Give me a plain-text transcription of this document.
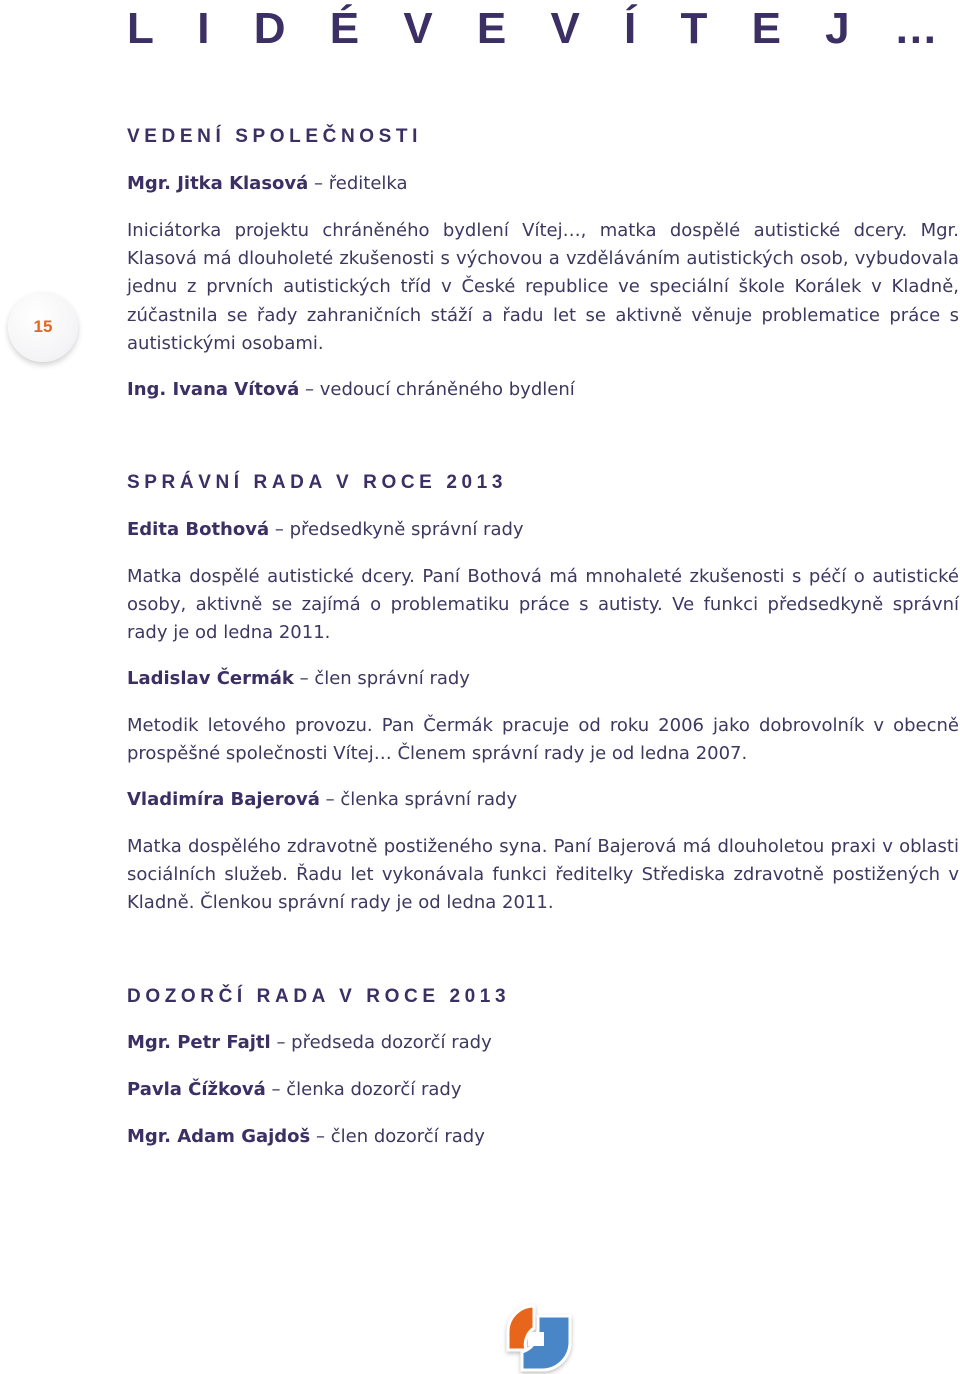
L I D É V E V Í T E J …
15
VEDENÍ SPOLEČNOSTI

Mgr. Jitka Klasová – ředitelka

Iniciátorka projektu chráněného bydlení Vítej…, matka dospělé autistické dcery. Mgr. Klasová má dlouholeté zkušenosti s výchovou a vzděláváním autistických osob, vybudovala jednu z prvních autistických tříd v České republice ve speciální škole Korálek v Kladně, zúčastnila se řady zahraničních stáží a řadu let se aktivně věnuje problematice práce s autistickými osobami.

Ing. Ivana Vítová – vedoucí chráněného bydlení

SPRÁVNÍ RADA V ROCE 2013

Edita Bothová – předsedkyně správní rady

Matka dospělé autistické dcery. Paní Bothová má mnohaleté zkušenosti s péčí o autistické osoby, aktivně se zajímá o problematiku práce s autisty. Ve funkci předsedkyně správní rady je od ledna 2011.

Ladislav Čermák – člen správní rady

Metodik letového provozu. Pan Čermák pracuje od roku 2006 jako dobrovolník v obecně prospěšné společnosti Vítej… Členem správní rady je od ledna 2007.

Vladimíra Bajerová – členka správní rady

Matka dospělého zdravotně postiženého syna. Paní Bajerová má dlouholetou praxi v oblasti sociálních služeb. Řadu let vykonávala funkci ředitelky Střediska zdravotně postižených v Kladně. Členkou správní rady je od ledna 2011.

DOZORČÍ RADA V ROCE 2013

Mgr. Petr Fajtl – předseda dozorčí rady

Pavla Čížková – členka dozorčí rady

Mgr. Adam Gajdoš – člen dozorčí rady
